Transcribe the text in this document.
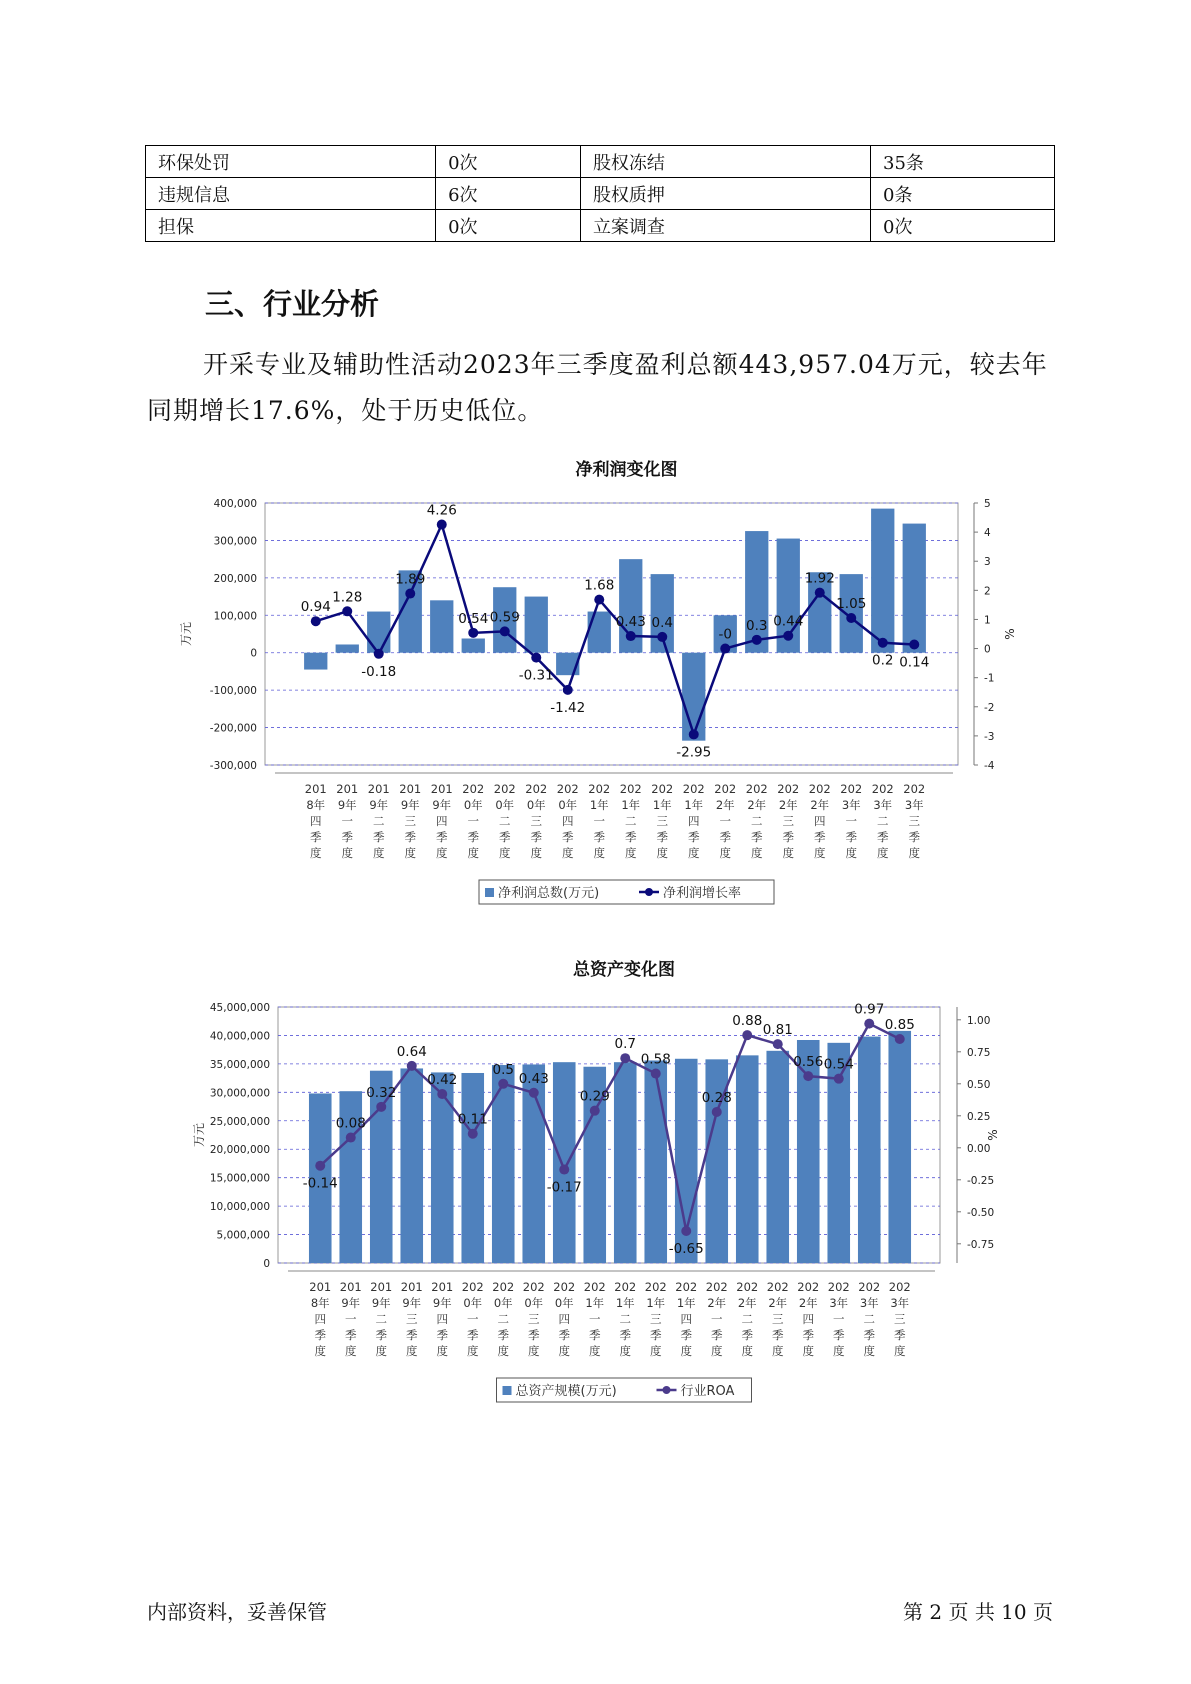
环保处罚	0次	股权冻结	35条
违规信息	6次	股权质押	0条
担保	0次	立案调查	0次
三、行业分析
开采专业及辅助性活动2023年三季度盈利总额443,957.04万元，较去年同期增长17.6%，处于历史低位。
净利润变化图
400,000
300,000
200,000
100,000
0
-100,000
-200,000
-300,000
5
4
3
2
1
0
-1
-2
-3
-4
万元	%
201
8年
四
季
度
201
9年
一
季
度
201
9年
二
季
度
201
9年
三
季
度
201
9年
四
季
度
202
0年
一
季
度
202
0年
二
季
度
202
0年
三
季
度
202
0年
四
季
度
202
1年
一
季
度
202
1年
二
季
度
202
1年
三
季
度
202
1年
四
季
度
202
2年
一
季
度
202
2年
二
季
度
202
2年
三
季
度
202
2年
四
季
度
202
3年
一
季
度
202
3年
二
季
度
202
3年
三
季
度
0.94
1.28
-0.18
1.89
4.26
0.54 0.59
-0.31
-1.42
1.68
0.43 0.4
-2.95
-0
0.3 0.44
1.92
1.05
0.2 0.14
净利润总数(万元)	净利润增长率
总资产变化图
45,000,000
40,000,000
35,000,000
30,000,000
25,000,000
20,000,000
15,000,000
10,000,000
5,000,000
0
1.00
0.75
0.50
0.25
0.00
-0.25
-0.50
-0.75
万元	%
201
8年
四
季
度
201
9年
一
季
度
201
9年
二
季
度
201
9年
三
季
度
201
9年
四
季
度
202
0年
一
季
度
202
0年
二
季
度
202
0年
三
季
度
202
0年
四
季
度
202
1年
一
季
度
202
1年
二
季
度
202
1年
三
季
度
202
1年
四
季
度
202
2年
一
季
度
202
2年
二
季
度
202
2年
三
季
度
202
2年
四
季
度
202
3年
一
季
度
202
3年
二
季
度
202
3年
三
季
度
-0.14
0.08
0.32
0.64
0.42
0.11
0.5
0.43
-0.17
0.29
0.7
0.58
-0.65
0.28
0.88
0.81
0.56 0.54
0.97
0.85
总资产规模(万元)	行业ROA
内部资料，妥善保管	第 2 页 共 10 页
